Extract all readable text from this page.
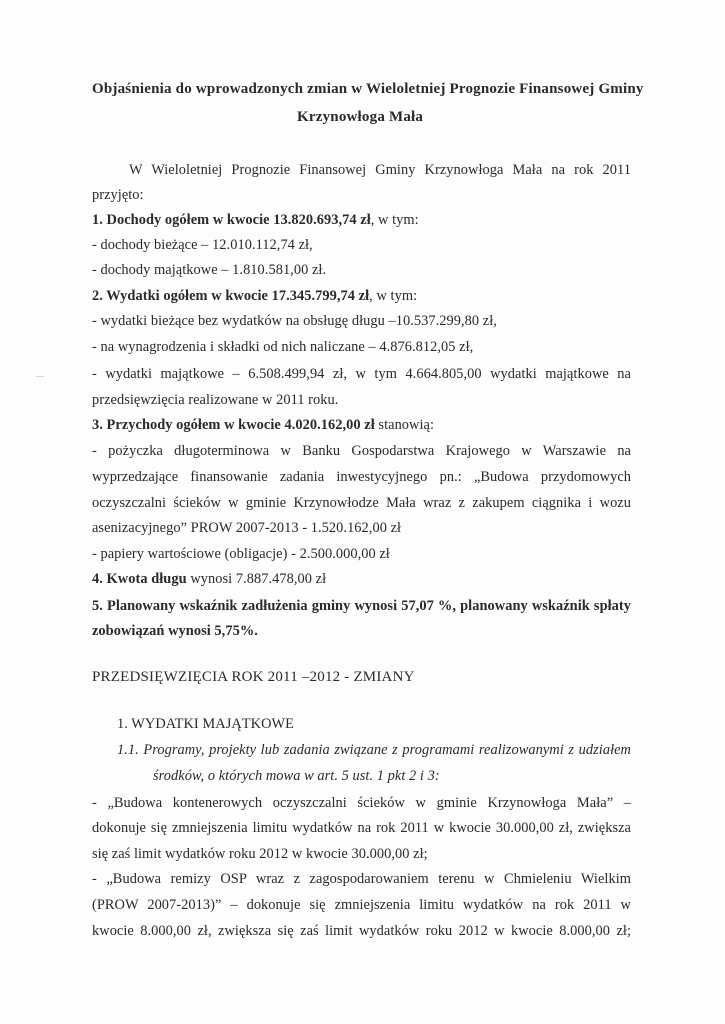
Objaśnienia do wprowadzonych zmian w Wieloletniej Prognozie Finansowej Gminy
Krzynowłoga Mała
W Wieloletniej Prognozie Finansowej Gminy Krzynowłoga Mała na rok 2011
przyjęto:
1. Dochody ogółem w kwocie 13.820.693,74 zł, w tym:
- dochody bieżące – 12.010.112,74 zł,
- dochody majątkowe – 1.810.581,00 zł.
2. Wydatki ogółem w kwocie 17.345.799,74 zł, w tym:
- wydatki bieżące bez wydatków na obsługę długu –10.537.299,80 zł,
- na wynagrodzenia i składki od nich naliczane – 4.876.812,05 zł,
- wydatki majątkowe – 6.508.499,94 zł, w tym 4.664.805,00 wydatki majątkowe na
przedsięwzięcia realizowane w 2011 roku.
3. Przychody ogółem w kwocie 4.020.162,00 zł stanowią:
- pożyczka długoterminowa w Banku Gospodarstwa Krajowego w Warszawie na
wyprzedzające finansowanie zadania inwestycyjnego pn.: „Budowa przydomowych
oczyszczalni ścieków w gminie Krzynowłodze Mała wraz z zakupem ciągnika i wozu
asenizacyjnego” PROW 2007-2013 - 1.520.162,00 zł
- papiery wartościowe (obligacje) - 2.500.000,00 zł
4. Kwota długu wynosi 7.887.478,00 zł
5. Planowany wskaźnik zadłużenia gminy wynosi 57,07 %, planowany wskaźnik spłaty
zobowiązań wynosi 5,75%.
PRZEDSIĘWZIĘCIA ROK 2011 –2012 - ZMIANY
1. WYDATKI MAJĄTKOWE
1.1. Programy, projekty lub zadania związane z programami realizowanymi z udziałem
środków, o których mowa w art. 5 ust. 1 pkt 2 i 3:
- „Budowa kontenerowych oczyszczalni ścieków w gminie Krzynowłoga Mała” –
dokonuje się zmniejszenia limitu wydatków na rok 2011 w kwocie 30.000,00 zł, zwiększa
się zaś limit wydatków roku 2012 w kwocie 30.000,00 zł;
- „Budowa remizy OSP wraz z zagospodarowaniem terenu w Chmieleniu Wielkim
(PROW 2007-2013)” – dokonuje się zmniejszenia limitu wydatków na rok 2011 w
kwocie 8.000,00 zł, zwiększa się zaś limit wydatków roku 2012 w kwocie 8.000,00 zł;
